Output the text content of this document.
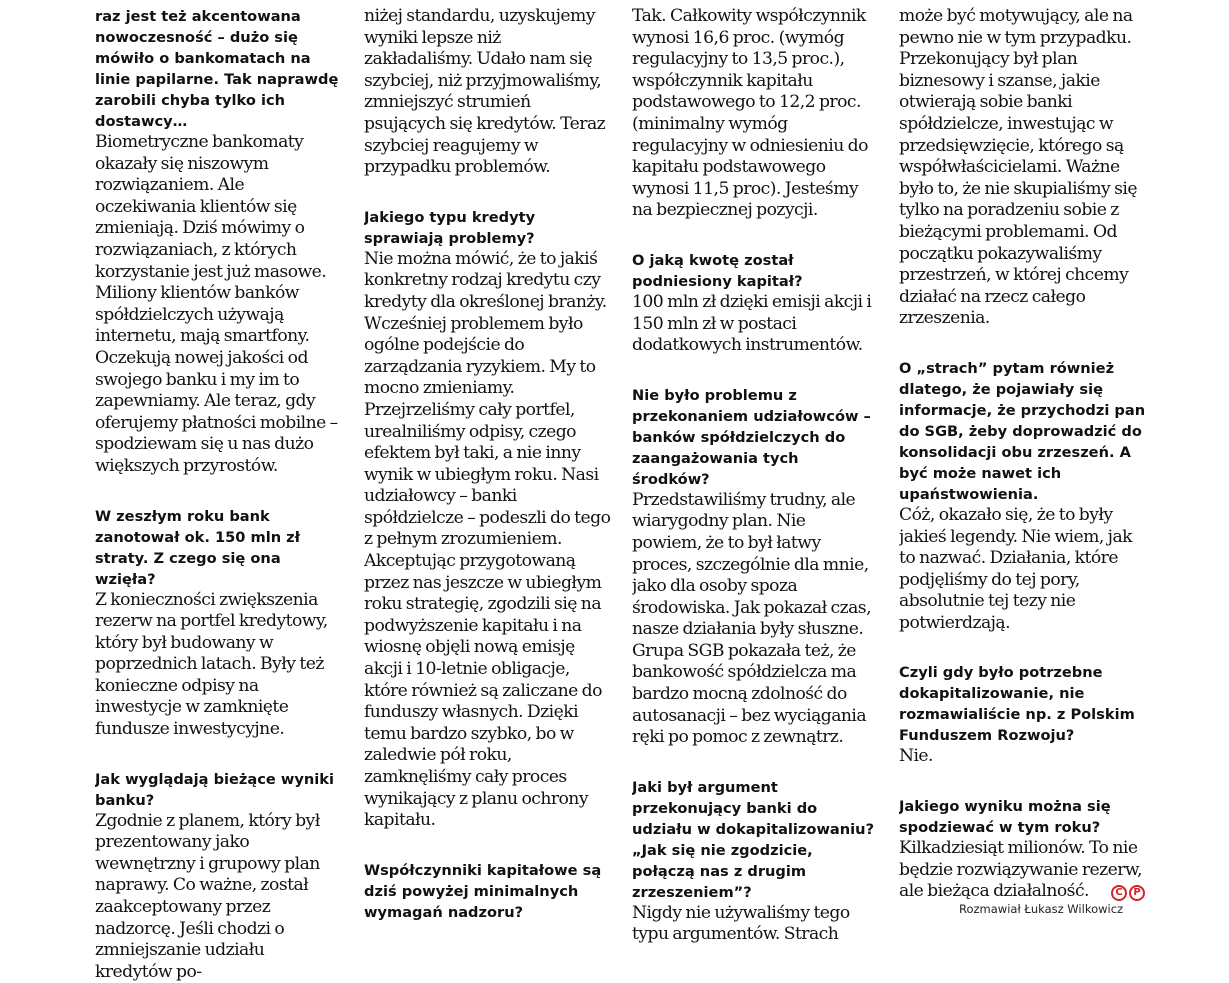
raz jest też akcentowana nowoczesność – dużo się mówiło o bankomatach na linie papilarne. Tak naprawdę zarobili chyba tylko ich dostawcy…

Biometryczne bankomaty okazały się niszowym rozwiązaniem. Ale oczekiwania klientów się zmieniają. Dziś mówimy o rozwiązaniach, z których korzystanie jest już masowe. Miliony klientów banków spółdzielczych używają internetu, mają smartfony. Oczekują nowej jakości od swojego banku i my im to zapewniamy. Ale teraz, gdy oferujemy płatności mobilne –spodziewam się u nas dużo większych przyrostów.

W zeszłym roku bank zanotował ok. 150 mln zł straty. Z czego się ona wzięła?

Z konieczności zwiększenia rezerw na portfel kredytowy, który był budowany w poprzednich latach. Były też konieczne odpisy na inwestycje w zamknięte fundusze inwestycyjne.

Jak wyglądają bieżące wyniki banku?

Zgodnie z planem, który był prezentowany jako wewnętrzny i grupowy plan naprawy. Co ważne, został zaakceptowany przez nadzorcę. Jeśli chodzi o zmniejszanie udziału kredytów po-

niżej standardu, uzyskujemy wyniki lepsze niż zakładaliśmy. Udało nam się szybciej, niż przyjmowaliśmy, zmniejszyć strumień psujących się kredytów. Teraz szybciej reagujemy w przypadku problemów.

Jakiego typu kredyty sprawiają problemy?

Nie można mówić, że to jakiś konkretny rodzaj kredytu czy kredyty dla określonej branży. Wcześniej problemem było ogólne podejście do zarządzania ryzykiem. My to mocno zmieniamy. Przejrzeliśmy cały portfel, urealniliśmy odpisy, czego efektem był taki, a nie inny wynik w ubiegłym roku. Nasi udziałowcy – banki spółdzielcze – podeszli do tego z pełnym zrozumieniem. Akceptując przygotowaną przez nas jeszcze w ubiegłym roku strategię, zgodzili się na podwyższenie kapitału i na wiosnę objęli nową emisję akcji i 10-letnie obligacje, które również są zaliczane do funduszy własnych. Dzięki temu bardzo szybko, bo w zaledwie pół roku, zamknęliśmy cały proces wynikający z planu ochrony kapitału.

Współczynniki kapitałowe są dziś powyżej minimalnych wymagań nadzoru?

Tak. Całkowity współczynnik wynosi 16,6 proc. (wymóg regulacyjny to 13,5 proc.), współczynnik kapitału podstawowego to 12,2 proc. (minimalny wymóg regulacyjny w odniesieniu do kapitału podstawowego wynosi 11,5 proc). Jesteśmy na bezpiecznej pozycji.

O jaką kwotę został podniesiony kapitał?

100 mln zł dzięki emisji akcji i 150 mln zł w postaci dodatkowych instrumentów.

Nie było problemu z przekonaniem udziałowców – banków spółdzielczych do zaangażowania tych środków?

Przedstawiliśmy trudny, ale wiarygodny plan. Nie powiem, że to był łatwy proces, szczególnie dla mnie, jako dla osoby spoza środowiska. Jak pokazał czas, nasze działania były słuszne. Grupa SGB pokazała też, że bankowość spółdzielcza ma bardzo mocną zdolność do autosanacji – bez wyciągania ręki po pomoc z zewnątrz.

Jaki był argument przekonujący banki do udziału w dokapitalizowaniu? „Jak się nie zgodzicie, połączą nas z drugim zrzeszeniem”?

Nigdy nie używaliśmy tego typu argumentów. Strach

może być motywujący, ale na pewno nie w tym przypadku. Przekonujący był plan biznesowy i szanse, jakie otwierają sobie banki spółdzielcze, inwestując w przedsięwzięcie, którego są współwłaścicielami. Ważne było to, że nie skupialiśmy się tylko na poradzeniu sobie z bieżącymi problemami. Od początku pokazywaliśmy przestrzeń, w której chcemy działać na rzecz całego zrzeszenia.

O „strach” pytam również dlatego, że pojawiały się informacje, że przychodzi pan do SGB, żeby doprowadzić do konsolidacji obu zrzeszeń. A być może nawet ich upaństwowienia.

Cóż, okazało się, że to były jakieś legendy. Nie wiem, jak to nazwać. Działania, które podjęliśmy do tej pory, absolutnie tej tezy nie potwierdzają.

Czyli gdy było potrzebne dokapitalizowanie, nie rozmawialiście np. z Polskim Funduszem Rozwoju?

Nie.

Jakiego wyniku można się spodziewać w tym roku?

Kilkadziesiąt milionów. To nie będzie rozwiązywanie rezerw, ale bieżąca działalność.	C	P
Rozmawiał Łukasz Wilkowicz
